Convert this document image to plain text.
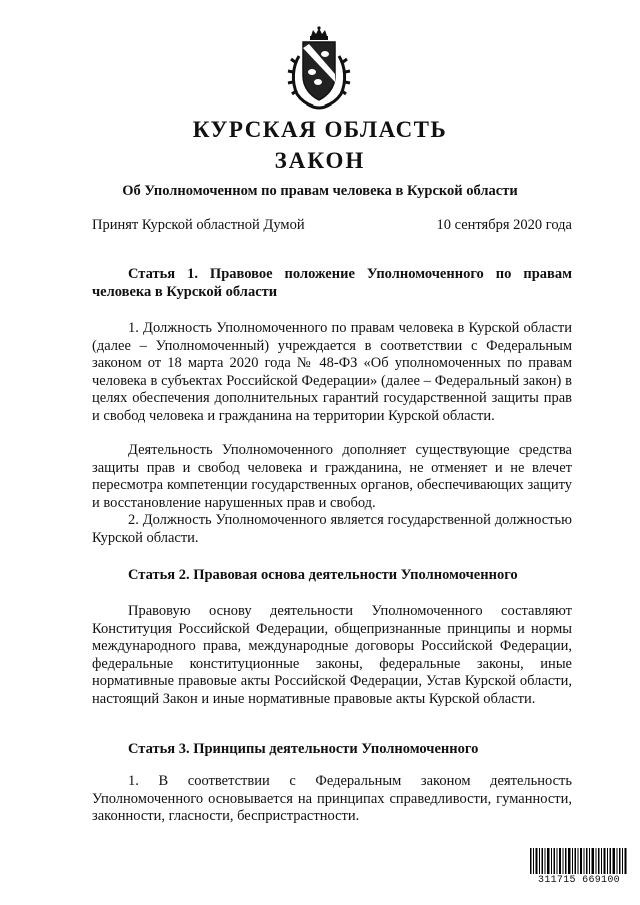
КУРСКАЯ ОБЛАСТЬ
ЗАКОН
Об Уполномоченном по правам человека в Курской области
Принят Курской областной Думой	10 сентября 2020 года
Статья 1. Правовое положение Уполномоченного по правам человека в Курской области
1. Должность Уполномоченного по правам человека в Курской области (далее – Уполномоченный) учреждается в соответствии с Федеральным законом от 18 марта 2020 года № 48-ФЗ «Об уполномоченных по правам человека в субъектах Российской Федерации» (далее – Федеральный закон) в целях обеспечения дополнительных гарантий государственной защиты прав и свобод человека и гражданина на территории Курской области.
Деятельность Уполномоченного дополняет существующие средства защиты прав и свобод человека и гражданина, не отменяет и не влечет пересмотра компетенции государственных органов, обеспечивающих защиту и восстановление нарушенных прав и свобод.
2. Должность Уполномоченного является государственной должностью Курской области.
Статья 2. Правовая основа деятельности Уполномоченного
Правовую основу деятельности Уполномоченного составляют Конституция Российской Федерации, общепризнанные принципы и нормы международного права, международные договоры Российской Федерации, федеральные конституционные законы, федеральные законы, иные нормативные правовые акты Российской Федерации, Устав Курской области, настоящий Закон и иные нормативные правовые акты Курской области.
Статья 3. Принципы деятельности Уполномоченного
1. В соответствии с Федеральным законом деятельность Уполномоченного основывается на принципах справедливости, гуманности, законности, гласности, беспристрастности.
311715 669100
